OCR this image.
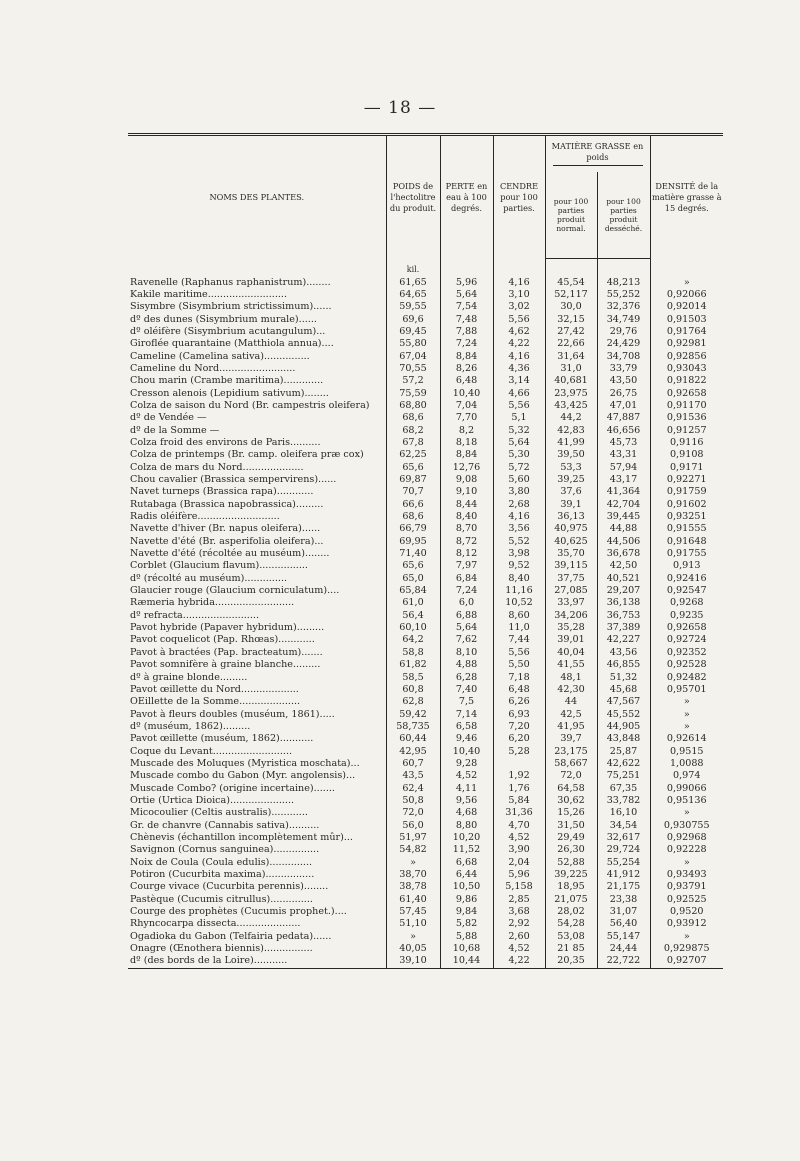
— 18 —
NOMS DES PLANTES.	POIDS de l'hectolitre du produit.	PERTE en eau à 100 degrés.	CENDRE pour 100 parties.	MATIÈRE GRASSE en poids		DENSITÉ de la matière grasse à 15 degrés.
				pour 100 parties produit normal.	pour 100 parties produit desséché.	
	kil.					
Ravenelle (Raphanus raphanistrum)........	61,65	5,96	4,16	45,54	48,213	»
Kakile maritime..........................	64,65	5,64	3,10	52,117	55,252	0,92066
Sisymbre (Sisymbrium strictissimum)......	59,55	7,54	3,02	30,0	32,376	0,92014
dº des dunes (Sisymbrium murale)......	69,6	7,48	5,56	32,15	34,749	0,91503
dº oléifère (Sisymbrium acutangulum)...	69,45	7,88	4,62	27,42	29,76	0,91764
Giroflée quarantaine (Matthiola annua)....	55,80	7,24	4,22	22,66	24,429	0,92981
Cameline (Camelina sativa)...............	67,04	8,84	4,16	31,64	34,708	0,92856
Cameline du Nord.........................	70,55	8,26	4,36	31,0	33,79	0,93043
Chou marin (Crambe maritima).............	57,2	6,48	3,14	40,681	43,50	0,91822
Cresson alenois (Lepidium sativum)........	75,59	10,40	4,66	23,975	26,75	0,92658
Colza de saison du Nord (Br. campestris oleifera)	68,80	7,04	5,56	43,425	47,01	0,91170
dº de Vendée —	68,6	7,70	5,1	44,2	47,887	0,91536
dº de la Somme —	68,2	8,2	5,32	42,83	46,656	0,91257
Colza froid des environs de Paris..........	67,8	8,18	5,64	41,99	45,73	0,9116
Colza de printemps (Br. camp. oleifera præ cox)	62,25	8,84	5,30	39,50	43,31	0,9108
Colza de mars du Nord....................	65,6	12,76	5,72	53,3	57,94	0,9171
Chou cavalier (Brassica sempervirens)......	69,87	9,08	5,60	39,25	43,17	0,92271
Navet turneps (Brassica rapa)............	70,7	9,10	3,80	37,6	41,364	0,91759
Rutabaga (Brassica napobrassica).........	66,6	8,44	2,68	39,1	42,704	0,91602
Radis oléifère...........................	68,6	8,40	4,16	36,13	39,445	0,93251
Navette d'hiver (Br. napus oleifera)......	66,79	8,70	3,56	40,975	44,88	0,91555
Navette d'été (Br. asperifolia oleifera)...	69,95	8,72	5,52	40,625	44,506	0,91648
Navette d'été (récoltée au muséum)........	71,40	8,12	3,98	35,70	36,678	0,91755
Corblet (Glaucium flavum)................	65,6	7,97	9,52	39,115	42,50	0,913
dº (récolté au muséum)..............	65,0	6,84	8,40	37,75	40,521	0,92416
Glaucier rouge (Glaucium corniculatum)....	65,84	7,24	11,16	27,085	29,207	0,92547
Ræmeria hybrida..........................	61,0	6,0	10,52	33,97	36,138	0,9268
dº refracta.........................	56,4	6,88	8,60	34,206	36,753	0,9235
Pavot hybride (Papaver hybridum).........	60,10	5,64	11,0	35,28	37,389	0,92658
Pavot coquelicot (Pap. Rhœas)............	64,2	7,62	7,44	39,01	42,227	0,92724
Pavot à bractées (Pap. bracteatum).......	58,8	8,10	5,56	40,04	43,56	0,92352
Pavot somnifère à graine blanche.........	61,82	4,88	5,50	41,55	46,855	0,92528
dº à graine blonde.........	58,5	6,28	7,18	48,1	51,32	0,92482
Pavot œillette du Nord...................	60,8	7,40	6,48	42,30	45,68	0,95701
OEillette de la Somme....................	62,8	7,5	6,26	44	47,567	»
Pavot à fleurs doubles (muséum, 1861).....	59,42	7,14	6,93	42,5	45,552	»
dº (muséum, 1862).........	58,735	6,58	7,20	41,95	44,905	»
Pavot œillette (muséum, 1862)...........	60,44	9,46	6,20	39,7	43,848	0,92614
Coque du Levant..........................	42,95	10,40	5,28	23,175	25,87	0,9515
Muscade des Moluques (Myristica moschata)...	60,7	9,28		58,667	42,622	1,0088
Muscade combo du Gabon (Myr. angolensis)...	43,5	4,52	1,92	72,0	75,251	0,974
Muscade Combo? (origine incertaine).......	62,4	4,11	1,76	64,58	67,35	0,99066
Ortie (Urtica Dioica).....................	50,8	9,56	5,84	30,62	33,782	0,95136
Micocoulier (Celtis australis)............	72,0	4,68	31,36	15,26	16,10	»
Gr. de chanvre (Cannabis sativa)..........	56,0	8,80	4,70	31,50	34,54	0,930755
Chènevis (échantillon incomplètement mûr)...	51,97	10,20	4,52	29,49	32,617	0,92968
Savignon (Cornus sanguinea)...............	54,82	11,52	3,90	26,30	29,724	0,92228
Noix de Coula (Coula edulis)..............	»	6,68	2,04	52,88	55,254	»
Potiron (Cucurbita maxima)................	38,70	6,44	5,96	39,225	41,912	0,93493
Courge vivace (Cucurbita perennis)........	38,78	10,50	5,158	18,95	21,175	0,93791
Pastèque (Cucumis citrullus)..............	61,40	9,86	2,85	21,075	23,38	0,92525
Courge des prophètes (Cucumis prophet.)....	57,45	9,84	3,68	28,02	31,07	0,9520
Rhyncocarpa dissecta.....................	51,10	5,82	2,92	54,28	56,40	0,93912
Ogadioka du Gabon (Telfairia pedata)......	»	5,88	2,60	53,08	55,147	»
Onagre (Œnothera biennis)................	40,05	10,68	4,52	21 85	24,44	0,929875
dº (des bords de la Loire)...........	39,10	10,44	4,22	20,35	22,722	0,92707
